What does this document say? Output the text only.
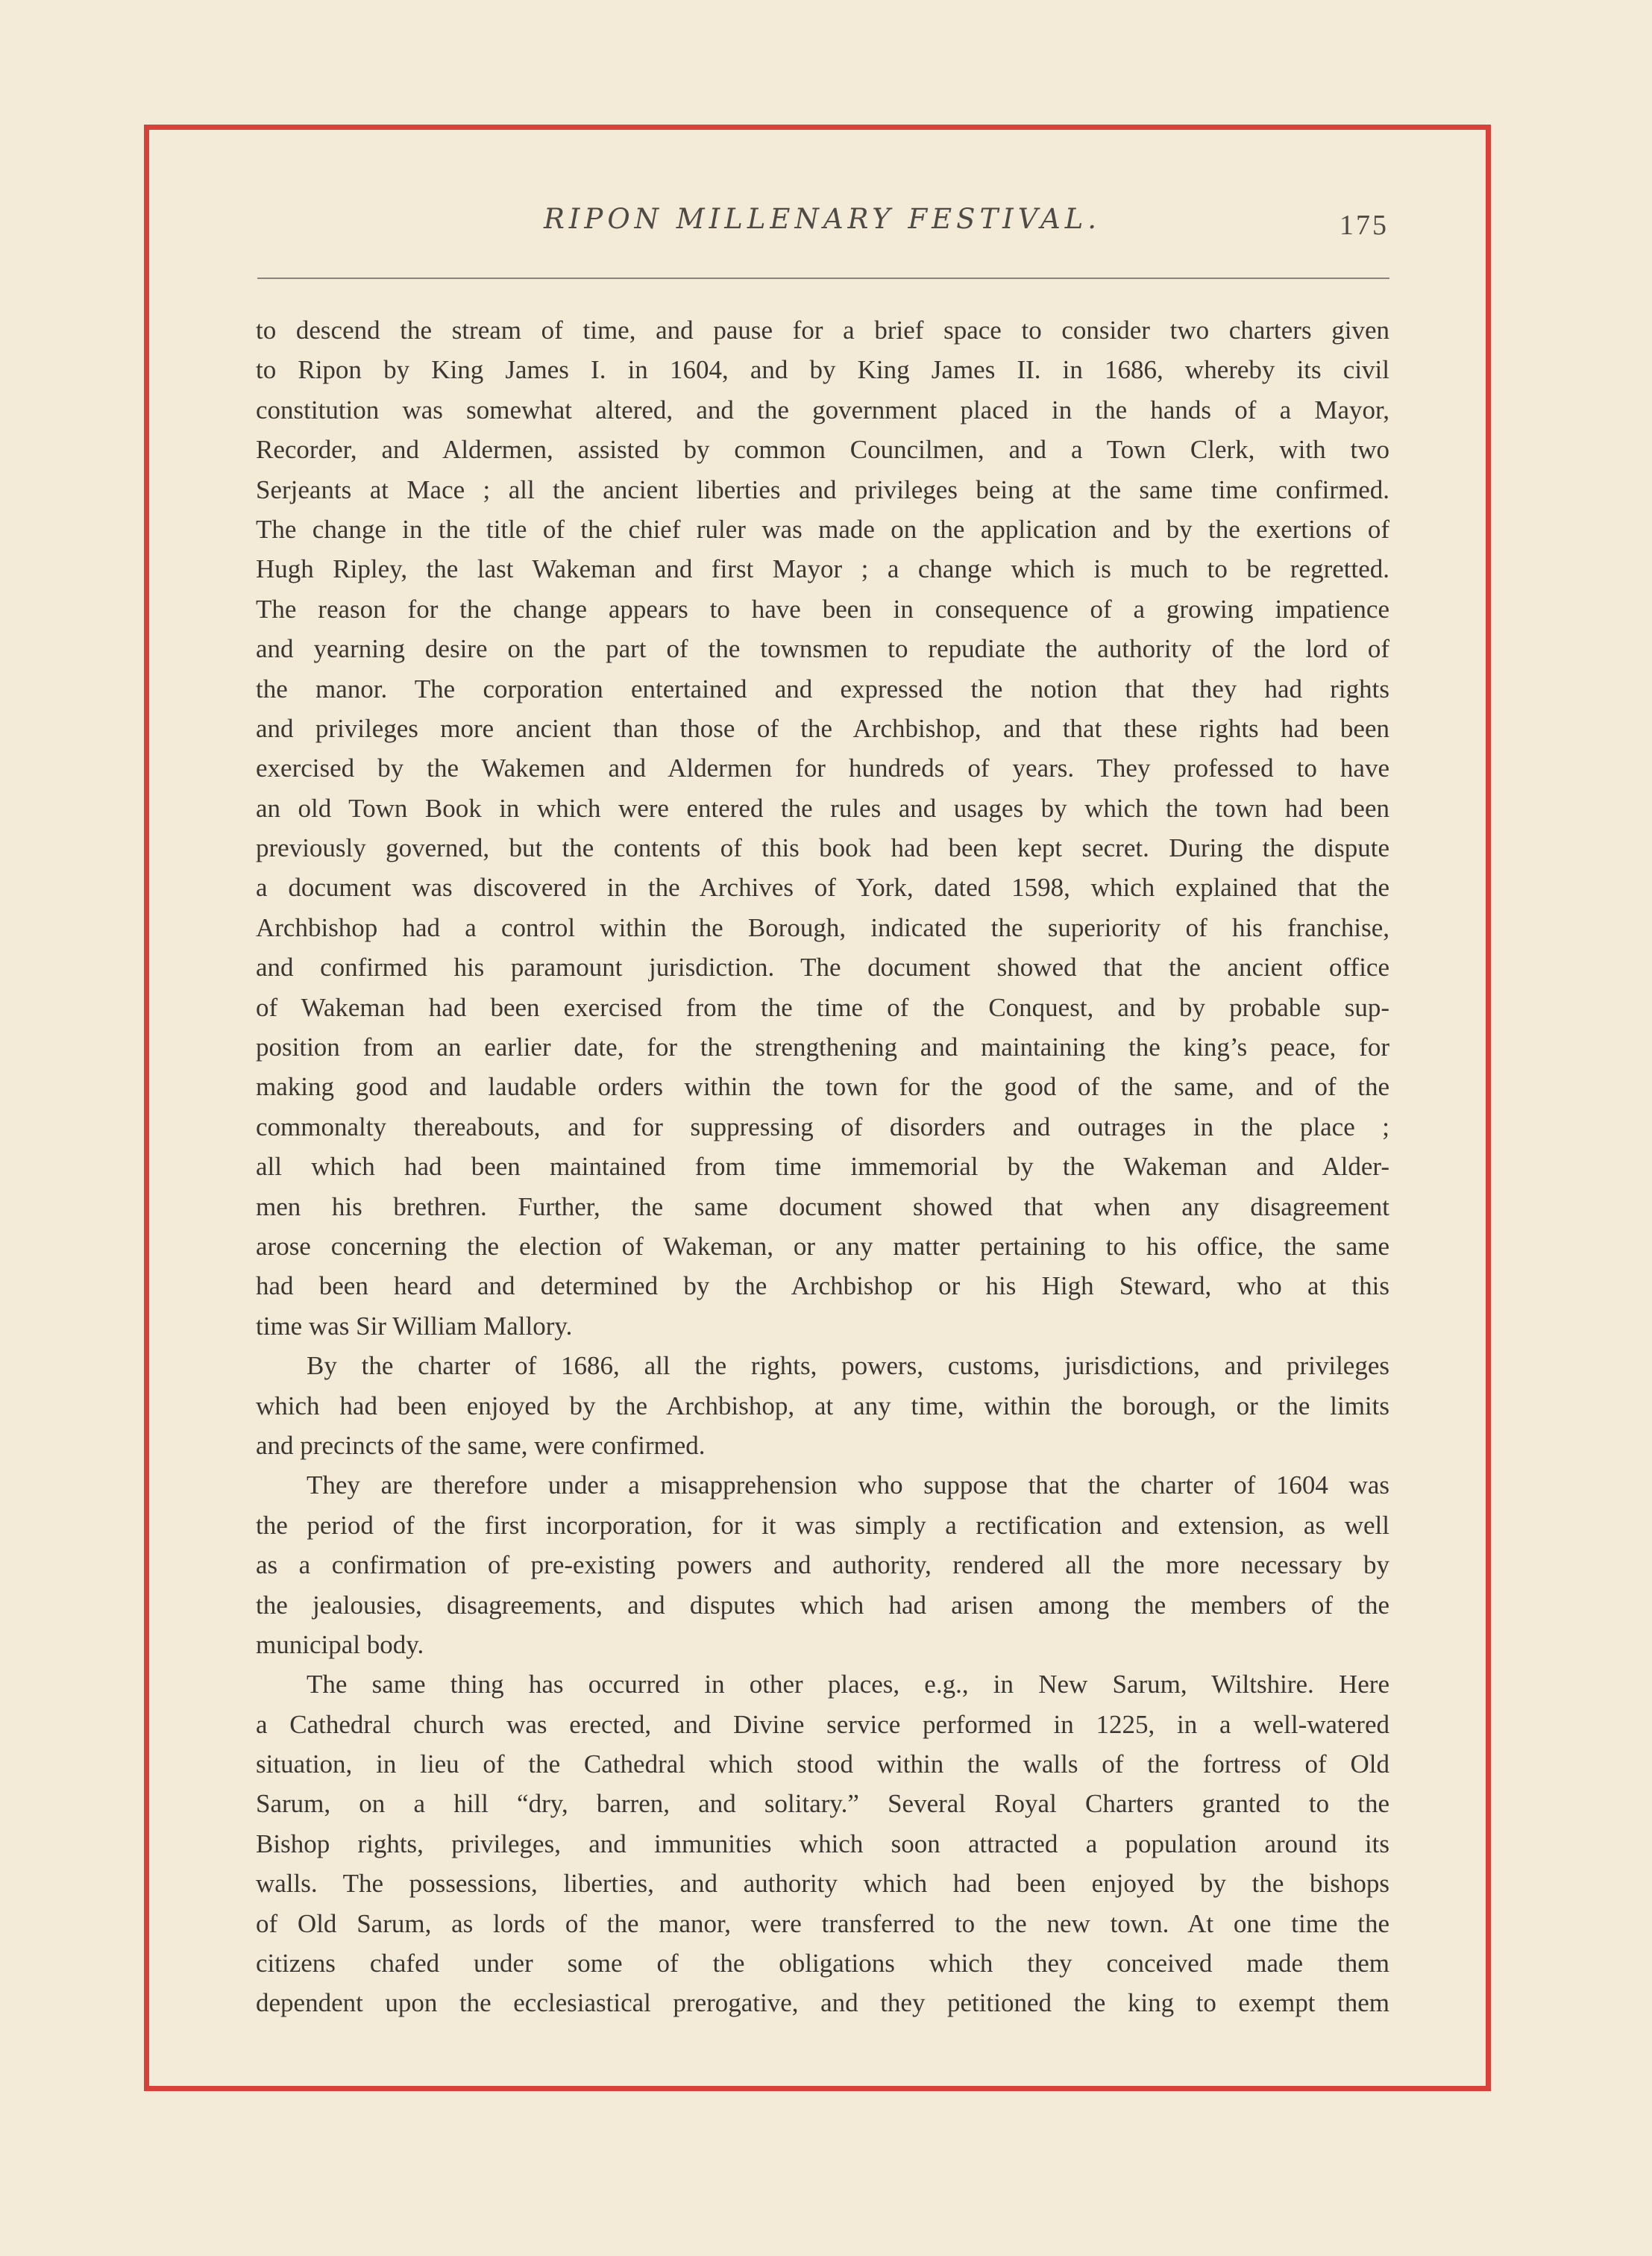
RIPON MILLENARY FESTIVAL.	175
to descend the stream of time, and pause for a brief space to consider two charters given
to Ripon by King James I. in 1604, and by King James II. in 1686, whereby its civil
constitution was somewhat altered, and the government placed in the hands of a Mayor,
Recorder, and Aldermen, assisted by common Councilmen, and a Town Clerk, with two
Serjeants at Mace ; all the ancient liberties and privileges being at the same time confirmed.
The change in the title of the chief ruler was made on the application and by the exertions of
Hugh Ripley, the last Wakeman and first Mayor ; a change which is much to be regretted.
The reason for the change appears to have been in consequence of a growing impatience
and yearning desire on the part of the townsmen to repudiate the authority of the lord of
the manor. The corporation entertained and expressed the notion that they had rights
and privileges more ancient than those of the Archbishop, and that these rights had been
exercised by the Wakemen and Aldermen for hundreds of years. They professed to have
an old Town Book in which were entered the rules and usages by which the town had been
previously governed, but the contents of this book had been kept secret. During the dispute
a document was discovered in the Archives of York, dated 1598, which explained that the
Archbishop had a control within the Borough, indicated the superiority of his franchise,
and confirmed his paramount jurisdiction. The document showed that the ancient office
of Wakeman had been exercised from the time of the Conquest, and by probable sup-
position from an earlier date, for the strengthening and maintaining the king’s peace, for
making good and laudable orders within the town for the good of the same, and of the
commonalty thereabouts, and for suppressing of disorders and outrages in the place ;
all which had been maintained from time immemorial by the Wakeman and Alder-
men his brethren. Further, the same document showed that when any disagreement
arose concerning the election of Wakeman, or any matter pertaining to his office, the same
had been heard and determined by the Archbishop or his High Steward, who at this
time was Sir William Mallory.
By the charter of 1686, all the rights, powers, customs, jurisdictions, and privileges
which had been enjoyed by the Archbishop, at any time, within the borough, or the limits
and precincts of the same, were confirmed.
They are therefore under a misapprehension who suppose that the charter of 1604 was
the period of the first incorporation, for it was simply a rectification and extension, as well
as a confirmation of pre-existing powers and authority, rendered all the more necessary by
the jealousies, disagreements, and disputes which had arisen among the members of the
municipal body.
The same thing has occurred in other places, e.g., in New Sarum, Wiltshire. Here
a Cathedral church was erected, and Divine service performed in 1225, in a well-watered
situation, in lieu of the Cathedral which stood within the walls of the fortress of Old
Sarum, on a hill “dry, barren, and solitary.” Several Royal Charters granted to the
Bishop rights, privileges, and immunities which soon attracted a population around its
walls. The possessions, liberties, and authority which had been enjoyed by the bishops
of Old Sarum, as lords of the manor, were transferred to the new town. At one time the
citizens chafed under some of the obligations which they conceived made them
dependent upon the ecclesiastical prerogative, and they petitioned the king to exempt them
